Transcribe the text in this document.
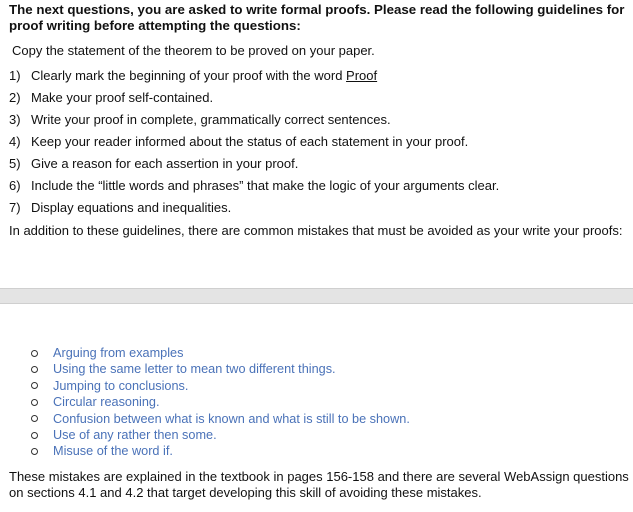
The next questions, you are asked to write formal proofs. Please read the following guidelines for proof writing before attempting the questions:
Copy the statement of the theorem to be proved on your paper.
1) Clearly mark the beginning of your proof with the word Proof
2) Make your proof self-contained.
3) Write your proof in complete, grammatically correct sentences.
4) Keep your reader informed about the status of each statement in your proof.
5) Give a reason for each assertion in your proof.
6) Include the “little words and phrases” that make the logic of your arguments clear.
7) Display equations and inequalities.
In addition to these guidelines, there are common mistakes that must be avoided as your write your proofs:
Arguing from examples
Using the same letter to mean two different things.
Jumping to conclusions.
Circular reasoning.
Confusion between what is known and what is still to be shown.
Use of any rather then some.
Misuse of the word if.
These mistakes are explained in the textbook in pages 156-158 and there are several WebAssign questions on sections 4.1 and 4.2 that target developing this skill of avoiding these mistakes.
